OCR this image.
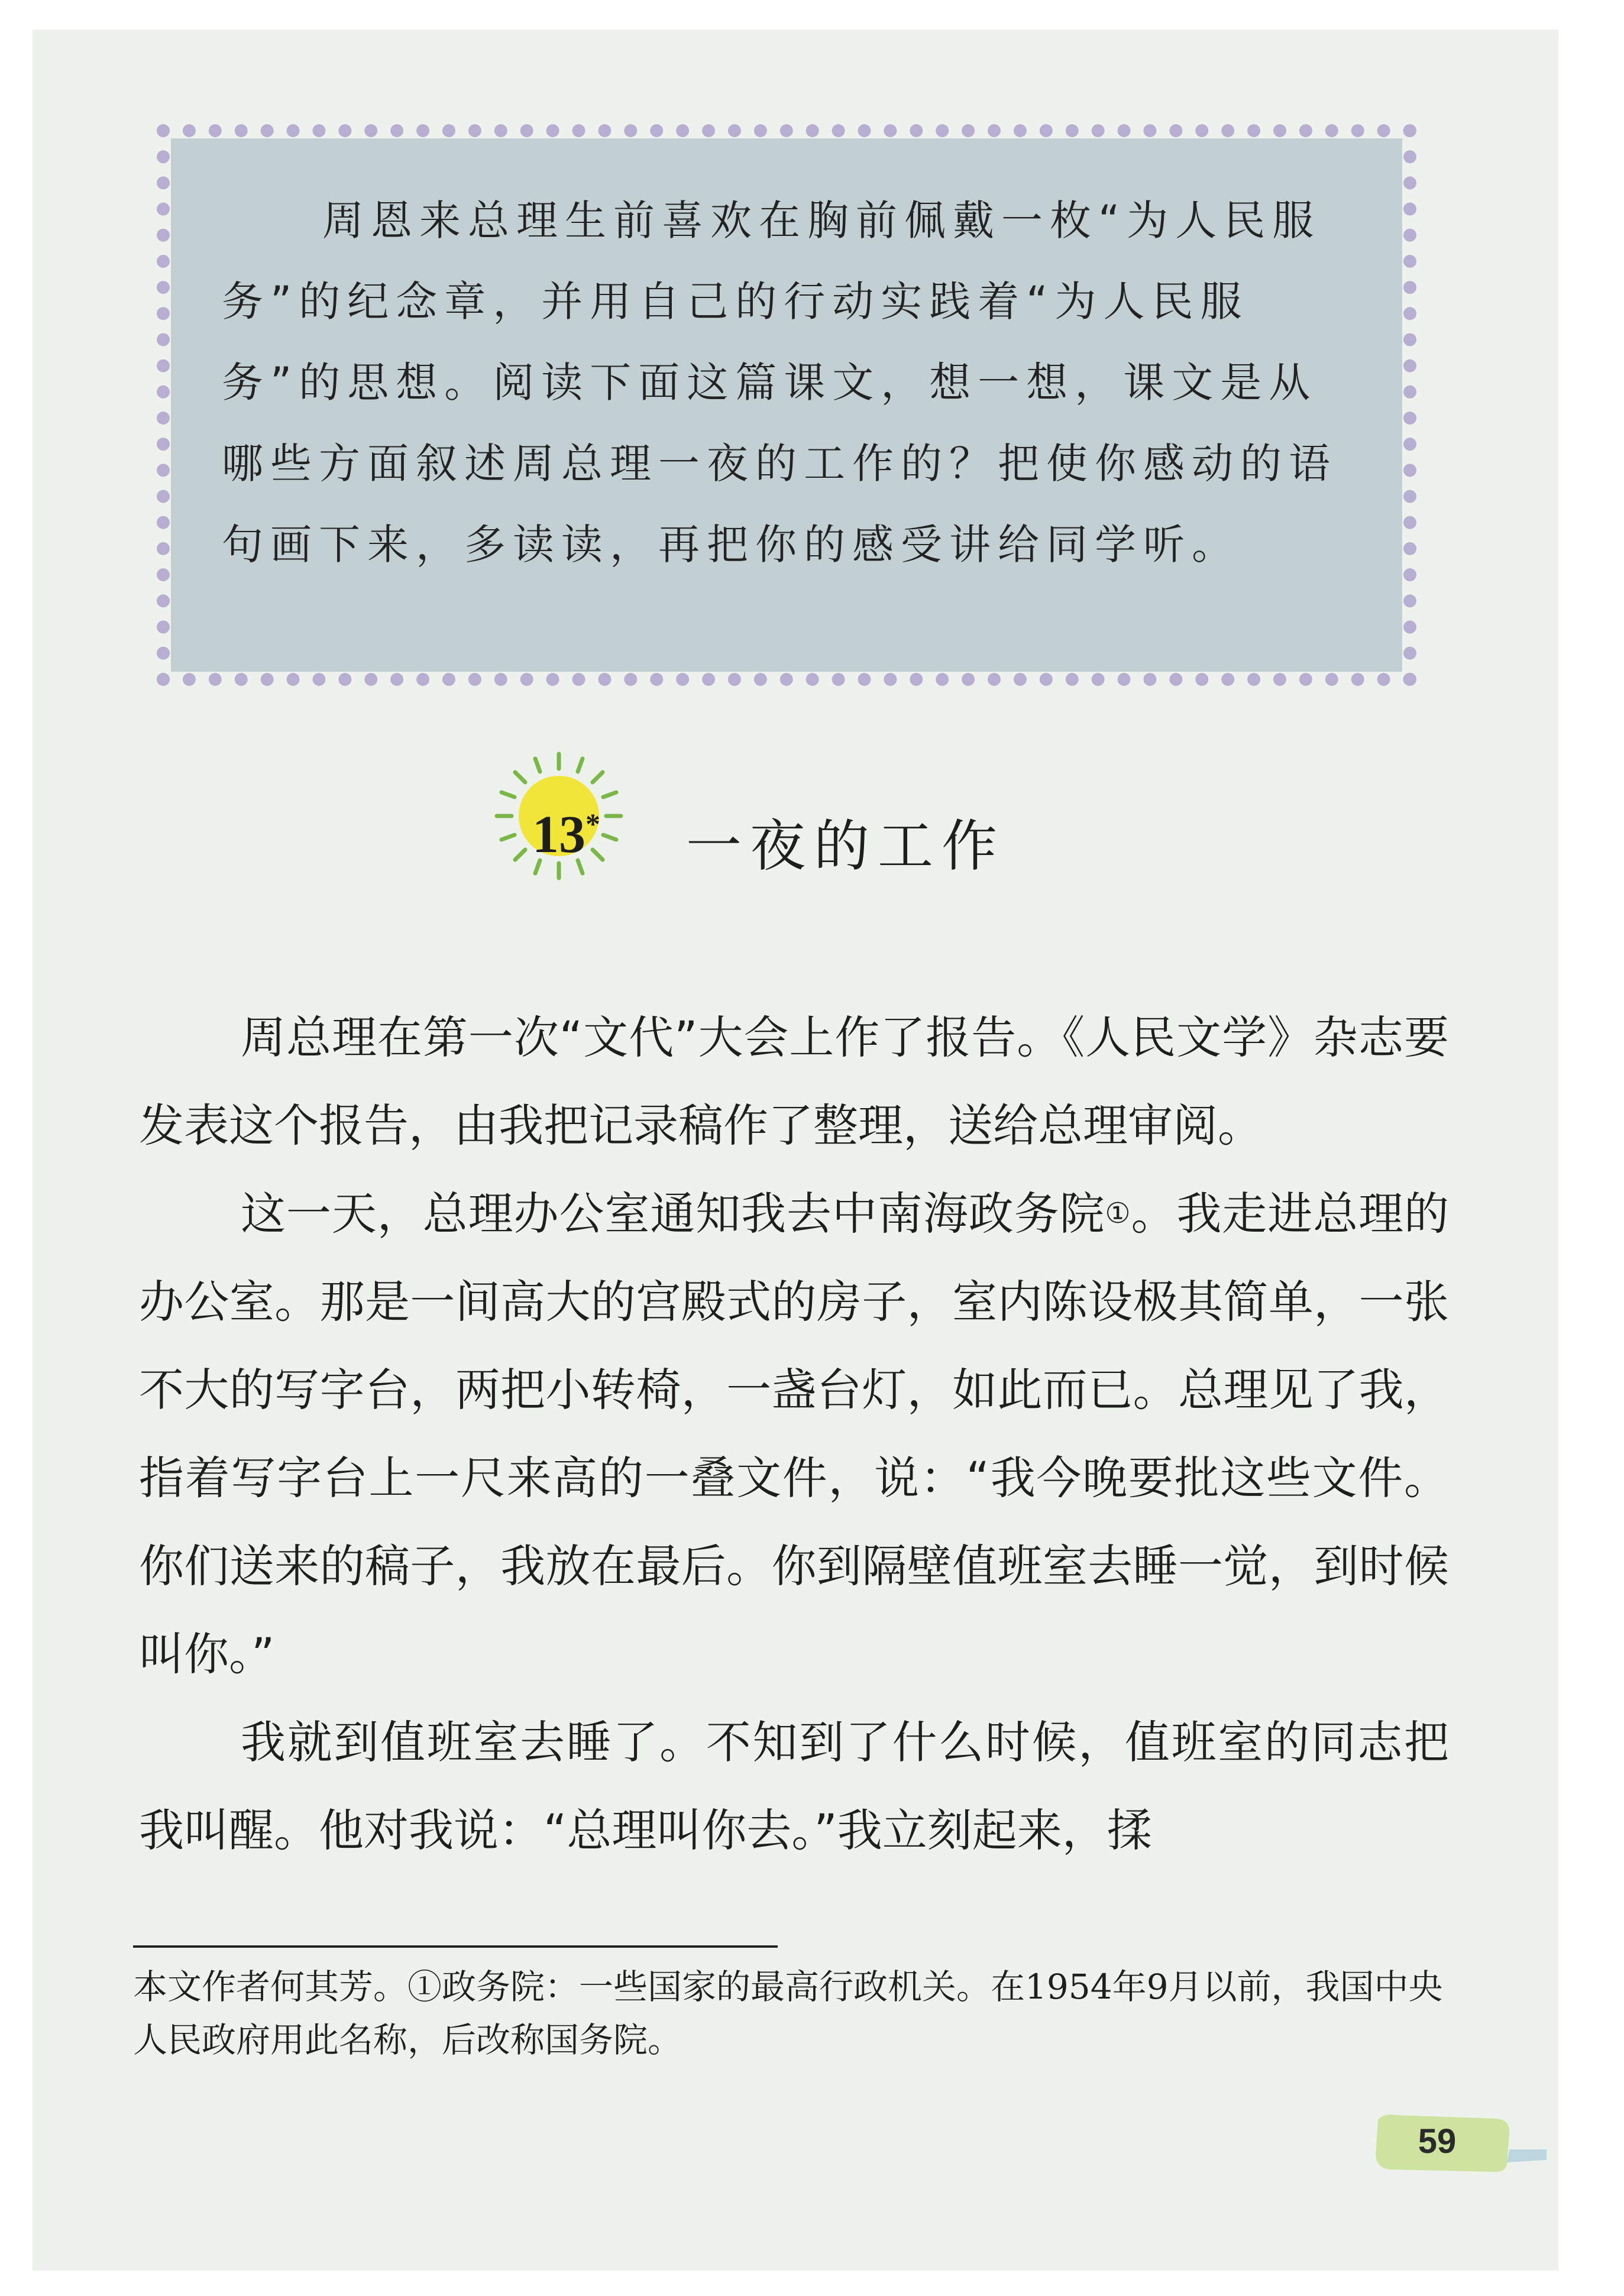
周恩来总理生前喜欢在胸前佩戴一枚“为人民服务”的纪念章，并用自己的行动实践着“为人民服务”的思想。阅读下面这篇课文，想一想，课文是从哪些方面叙述周总理一夜的工作的？把使你感动的语句画下来，多读读，再把你的感受讲给同学听。
13* 一夜的工作

周总理在第一次“文代”大会上作了报告。《人民文学》杂志要发表这个报告，由我把记录稿作了整理，送给总理审阅。

这一天，总理办公室通知我去中南海政务院①。我走进总理的办公室。那是一间高大的宫殿式的房子，室内陈设极其简单，一张不大的写字台，两把小转椅，一盏台灯，如此而已。总理见了我，指着写字台上一尺来高的一叠文件，说：“我今晚要批这些文件。你们送来的稿子，我放在最后。你到隔壁值班室去睡一觉，到时候叫你。”

我就到值班室去睡了。不知到了什么时候，值班室的同志把我叫醒。他对我说：“总理叫你去。”我立刻起来，揉

本文作者何其芳。①政务院：一些国家的最高行政机关。在1954年9月以前，我国中央人民政府用此名称，后改称国务院。
59
